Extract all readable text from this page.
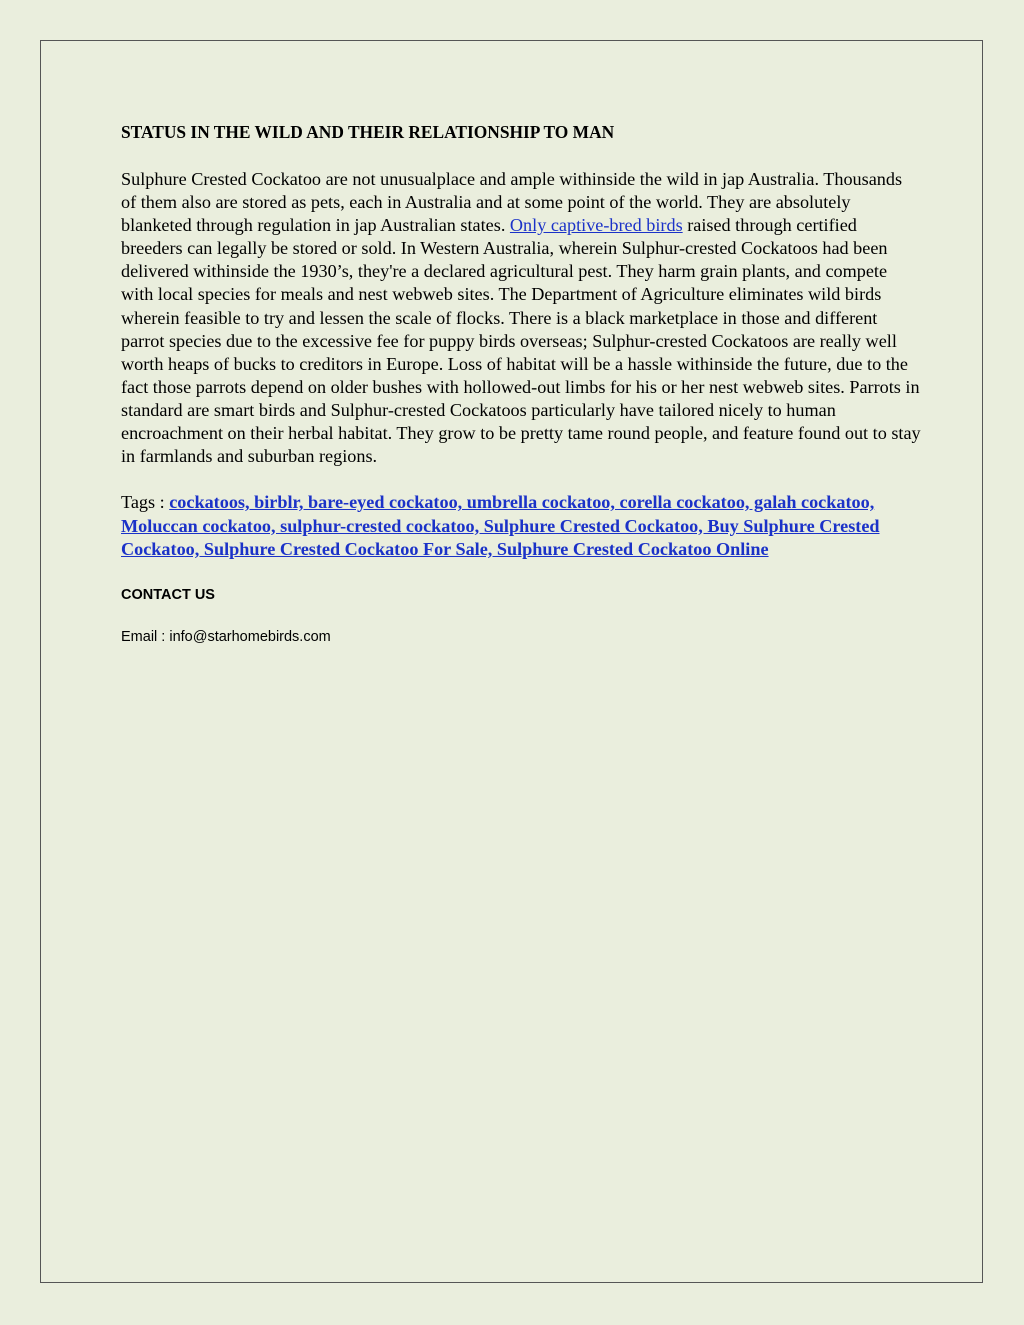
STATUS IN THE WILD AND THEIR RELATIONSHIP TO MAN

Sulphure Crested Cockatoo are not unusualplace and ample withinside the wild in jap Australia. Thousands of them also are stored as pets, each in Australia and at some point of the world. They are absolutely blanketed through regulation in jap Australian states. Only captive-bred birds raised through certified breeders can legally be stored or sold. In Western Australia, wherein Sulphur-crested Cockatoos had been delivered withinside the 1930’s, they're a declared agricultural pest. They harm grain plants, and compete with local species for meals and nest webweb sites. The Department of Agriculture eliminates wild birds wherein feasible to try and lessen the scale of flocks. There is a black marketplace in those and different parrot species due to the excessive fee for puppy birds overseas; Sulphur-crested Cockatoos are really well worth heaps of bucks to creditors in Europe. Loss of habitat will be a hassle withinside the future, due to the fact those parrots depend on older bushes with hollowed-out limbs for his or her nest webweb sites. Parrots in standard are smart birds and Sulphur-crested Cockatoos particularly have tailored nicely to human encroachment on their herbal habitat. They grow to be pretty tame round people, and feature found out to stay in farmlands and suburban regions.

Tags : cockatoos, birblr, bare-eyed cockatoo, umbrella cockatoo, corella cockatoo, galah cockatoo, Moluccan cockatoo, sulphur-crested cockatoo, Sulphure Crested Cockatoo, Buy Sulphure Crested Cockatoo, Sulphure Crested Cockatoo For Sale, Sulphure Crested Cockatoo Online

CONTACT US
Email : info@starhomebirds.com
